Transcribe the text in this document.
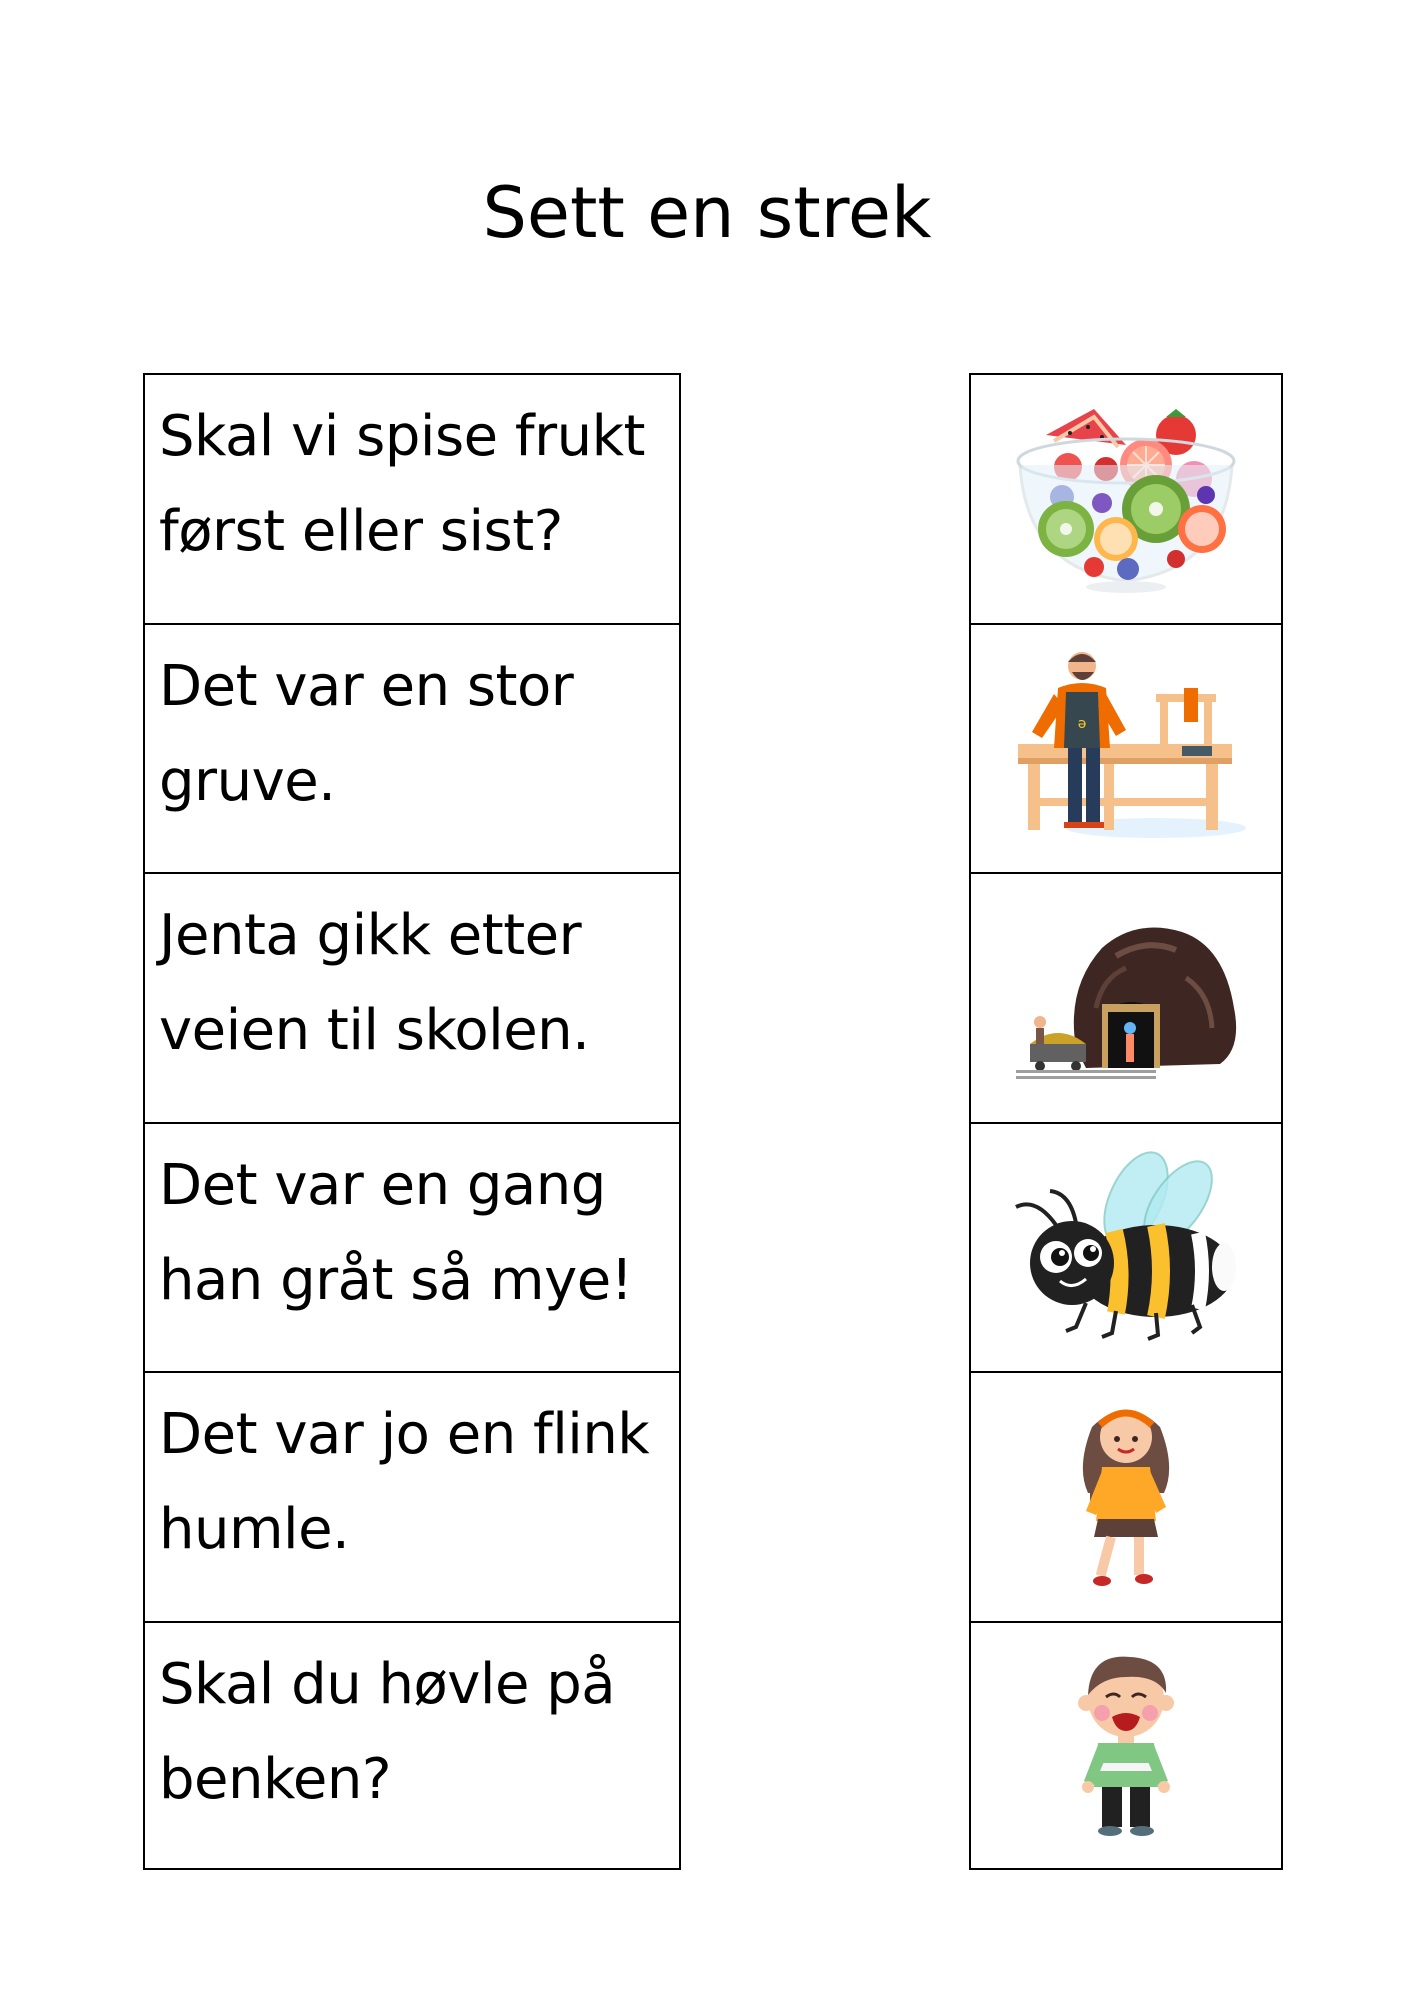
Sett en strek
Skal vi spise frukt
først eller sist?
Det var en stor
gruve.
Jenta gikk etter
veien til skolen.
Det var en gang
han gråt så mye!
Det var jo en flink
humle.
Skal du høvle på
benken?
ə
